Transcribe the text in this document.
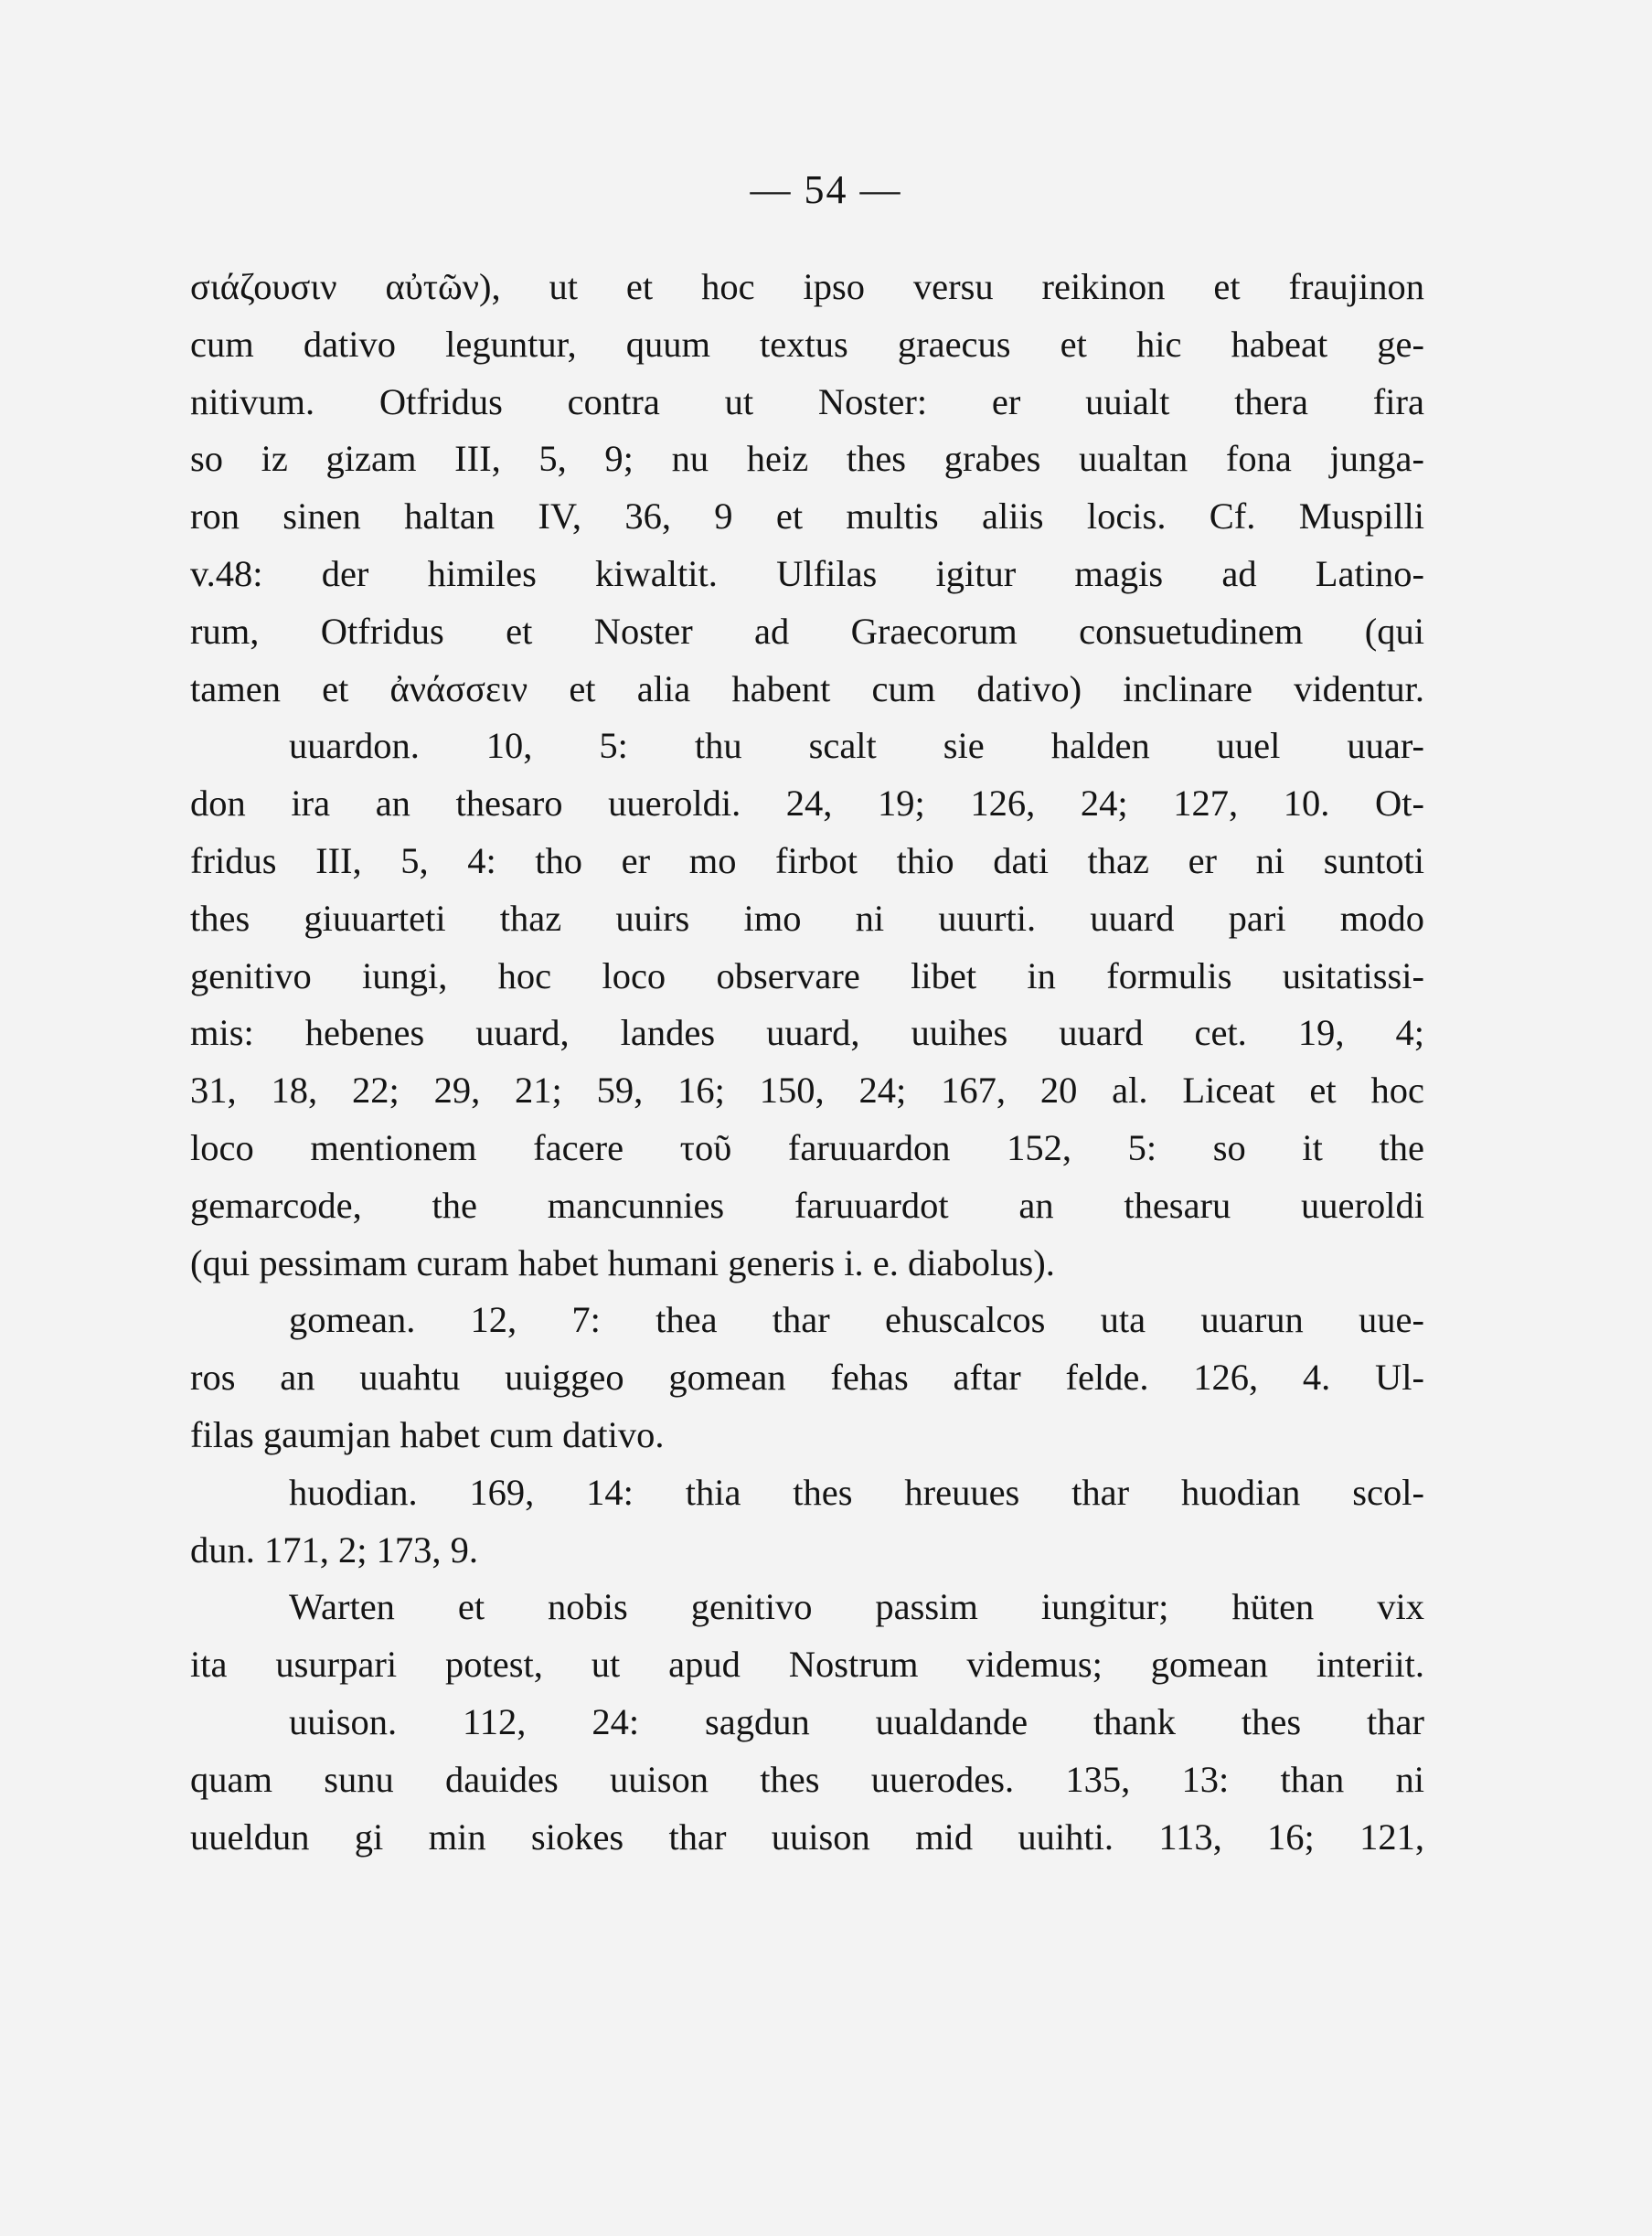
— 54 —
σιάζουσιν αὐτῶν), ut et hoc ipso versu reikinon et fraujinon
cum dativo leguntur, quum textus graecus et hic habeat ge-
nitivum. Otfridus contra ut Noster: er uuialt thera fira
so iz gizam III, 5, 9; nu heiz thes grabes uualtan fona junga-
ron sinen haltan IV, 36, 9 et multis aliis locis. Cf. Muspilli
v.48: der himiles kiwaltit. Ulfilas igitur magis ad Latino-
rum, Otfridus et Noster ad Graecorum consuetudinem (qui
tamen et ἀνάσσειν et alia habent cum dativo) inclinare videntur.
uuardon. 10, 5: thu scalt sie halden uuel uuar-
don ira an thesaro uueroldi. 24, 19; 126, 24; 127, 10. Ot-
fridus III, 5, 4: tho er mo firbot thio dati thaz er ni suntoti
thes giuuarteti thaz uuirs imo ni uuurti. uuard pari modo
genitivo iungi, hoc loco observare libet in formulis usitatissi-
mis: hebenes uuard, landes uuard, uuihes uuard cet. 19, 4;
31, 18, 22; 29, 21; 59, 16; 150, 24; 167, 20 al. Liceat et hoc
loco mentionem facere τοῦ faruuardon 152, 5: so it the
gemarcode, the mancunnies faruuardot an thesaru uueroldi
(qui pessimam curam habet humani generis i. e. diabolus).
gomean. 12, 7: thea thar ehuscalcos uta uuarun uue-
ros an uuahtu uuiggeo gomean fehas aftar felde. 126, 4. Ul-
filas gaumjan habet cum dativo.
huodian. 169, 14: thia thes hreuues thar huodian scol-
dun. 171, 2; 173, 9.
Warten et nobis genitivo passim iungitur; hüten vix
ita usurpari potest, ut apud Nostrum videmus; gomean interiit.
uuison. 112, 24: sagdun uualdande thank thes thar
quam sunu dauides uuison thes uuerodes. 135, 13: than ni
uueldun gi min siokes thar uuison mid uuihti. 113, 16; 121,
